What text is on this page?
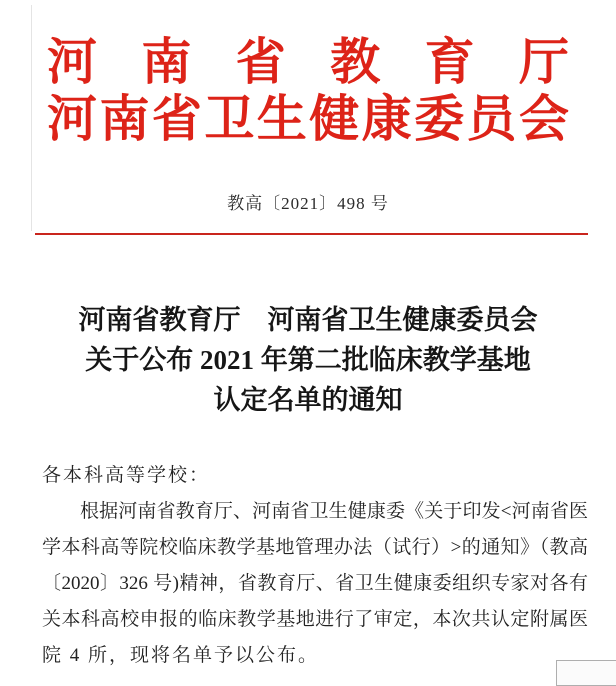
河南省教育厅
河南省卫生健康委员会
教高〔2021〕498 号
河南省教育厅　河南省卫生健康委员会
关于公布 2021 年第二批临床教学基地
认定名单的通知
各本科高等学校：
根据河南省教育厅、河南省卫生健康委《关于印发<河南省医
学本科高等院校临床教学基地管理办法（试行）>的通知》（教高
〔2020〕326 号)精神，省教育厅、省卫生健康委组织专家对各有
关本科高校申报的临床教学基地进行了审定，本次共认定附属医
院 4 所，现将名单予以公布。
